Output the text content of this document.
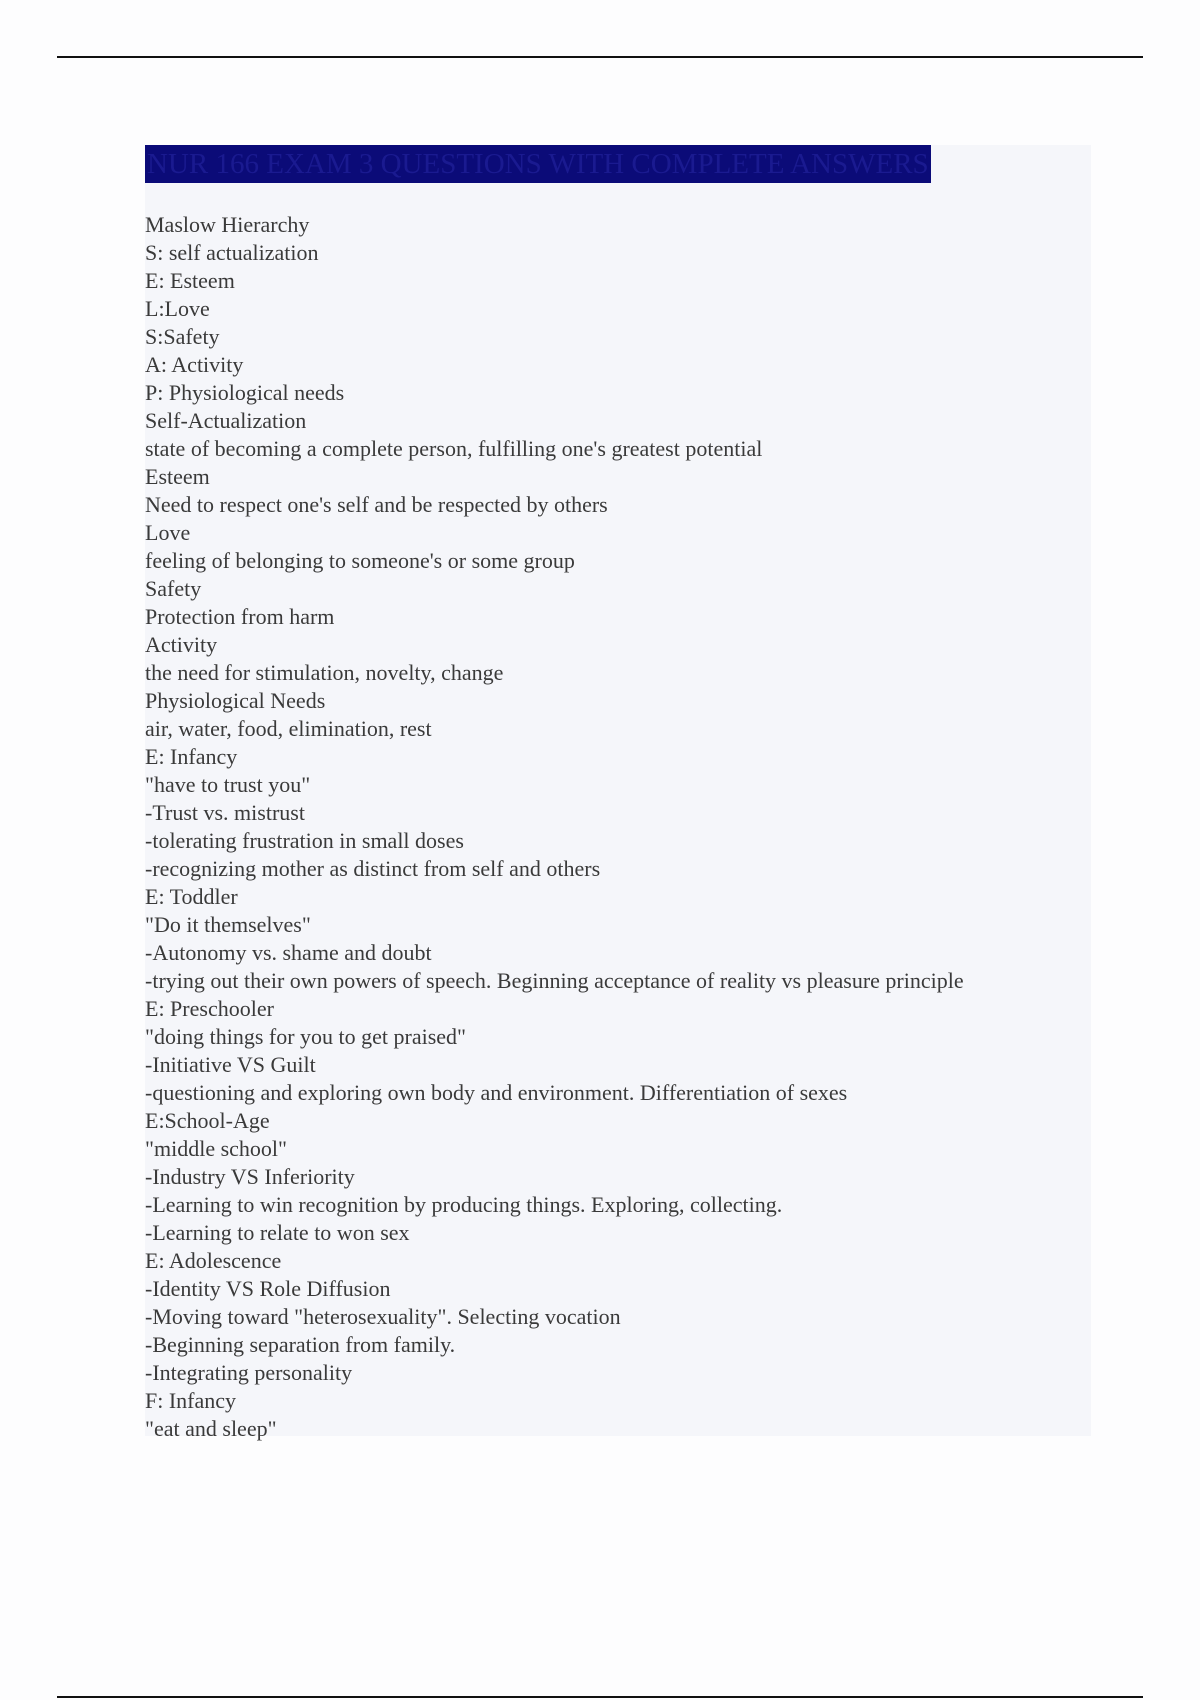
NUR 166 EXAM 3 QUESTIONS WITH COMPLETE ANSWERS
Maslow Hierarchy
S: self actualization
E: Esteem
L:Love
S:Safety
A: Activity
P: Physiological needs
Self-Actualization
state of becoming a complete person, fulfilling one's greatest potential
Esteem
Need to respect one's self and be respected by others
Love
feeling of belonging to someone's or some group
Safety
Protection from harm
Activity
the need for stimulation, novelty, change
Physiological Needs
air, water, food, elimination, rest
E: Infancy
"have to trust you"
-Trust vs. mistrust
-tolerating frustration in small doses
-recognizing mother as distinct from self and others
E: Toddler
"Do it themselves"
-Autonomy vs. shame and doubt
-trying out their own powers of speech. Beginning acceptance of reality vs pleasure principle
E: Preschooler
"doing things for you to get praised"
-Initiative VS Guilt
-questioning and exploring own body and environment. Differentiation of sexes
E:School-Age
"middle school"
-Industry VS Inferiority
-Learning to win recognition by producing things. Exploring, collecting.
-Learning to relate to won sex
E: Adolescence
-Identity VS Role Diffusion
-Moving toward "heterosexuality". Selecting vocation
-Beginning separation from family.
-Integrating personality
F: Infancy
"eat and sleep"
